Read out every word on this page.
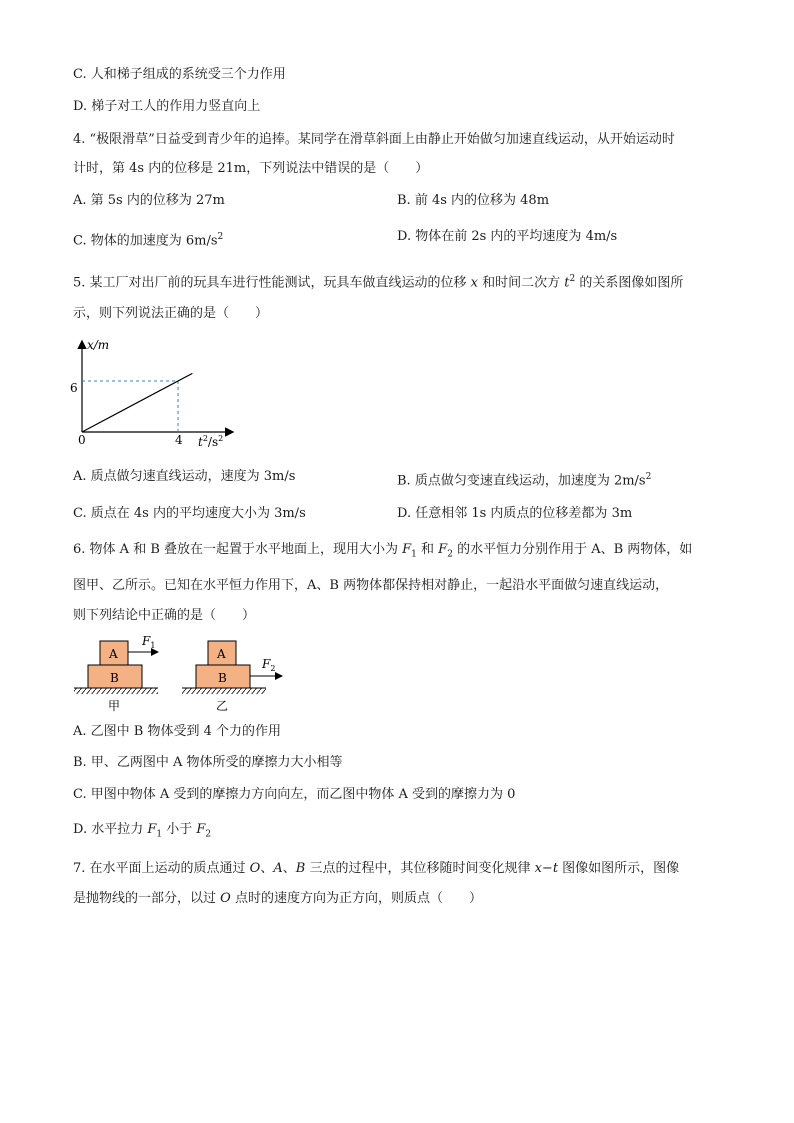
C. 人和梯子组成的系统受三个力作用
D. 梯子对工人的作用力竖直向上
4. “极限滑草”日益受到青少年的追捧。某同学在滑草斜面上由静止开始做匀加速直线运动，从开始运动时
计时，第 4s 内的位移是 21m，下列说法中错误的是（　　）
A. 第 5s 内的位移为 27m	B. 前 4s 内的位移为 48m
C. 物体的加速度为 $6m/s^2$	D. 物体在前 2s 内的平均速度为 4m/s
5. 某工厂对出厂前的玩具车进行性能测试，玩具车做直线运动的位移 x 和时间二次方 $t^2$ 的关系图像如图所
示，则下列说法正确的是（　　）
x/m
6
0	4 $t^2/s^2$
A. 质点做匀速直线运动，速度为 3m/s	B. 质点做匀变速直线运动，加速度为 $2m/s^2$
C. 质点在 4s 内的平均速度大小为 3m/s	D. 任意相邻 1s 内质点的位移差都为 3m
6. 物体 A 和 B 叠放在一起置于水平地面上，现用大小为 $F_1$ 和 $F_2$ 的水平恒力分别作用于 A、B 两物体，如
图甲、乙所示。已知在水平恒力作用下，A、B 两物体都保持相对静止，一起沿水平面做匀速直线运动，
则下列结论中正确的是（　　）
B
A
$F_1$
甲
B
A
$F_2$
乙
A. 乙图中 B 物体受到 4 个力的作用
B. 甲、乙两图中 A 物体所受的摩擦力大小相等
C. 甲图中物体 A 受到的摩擦力方向向左，而乙图中物体 A 受到的摩擦力为 0
D. 水平拉力 $F_1$ 小于 $F_2$
7. 在水平面上运动的质点通过 O、A、B 三点的过程中，其位移随时间变化规律 x−t 图像如图所示，图像
是抛物线的一部分，以过 O 点时的速度方向为正方向，则质点（　　）
